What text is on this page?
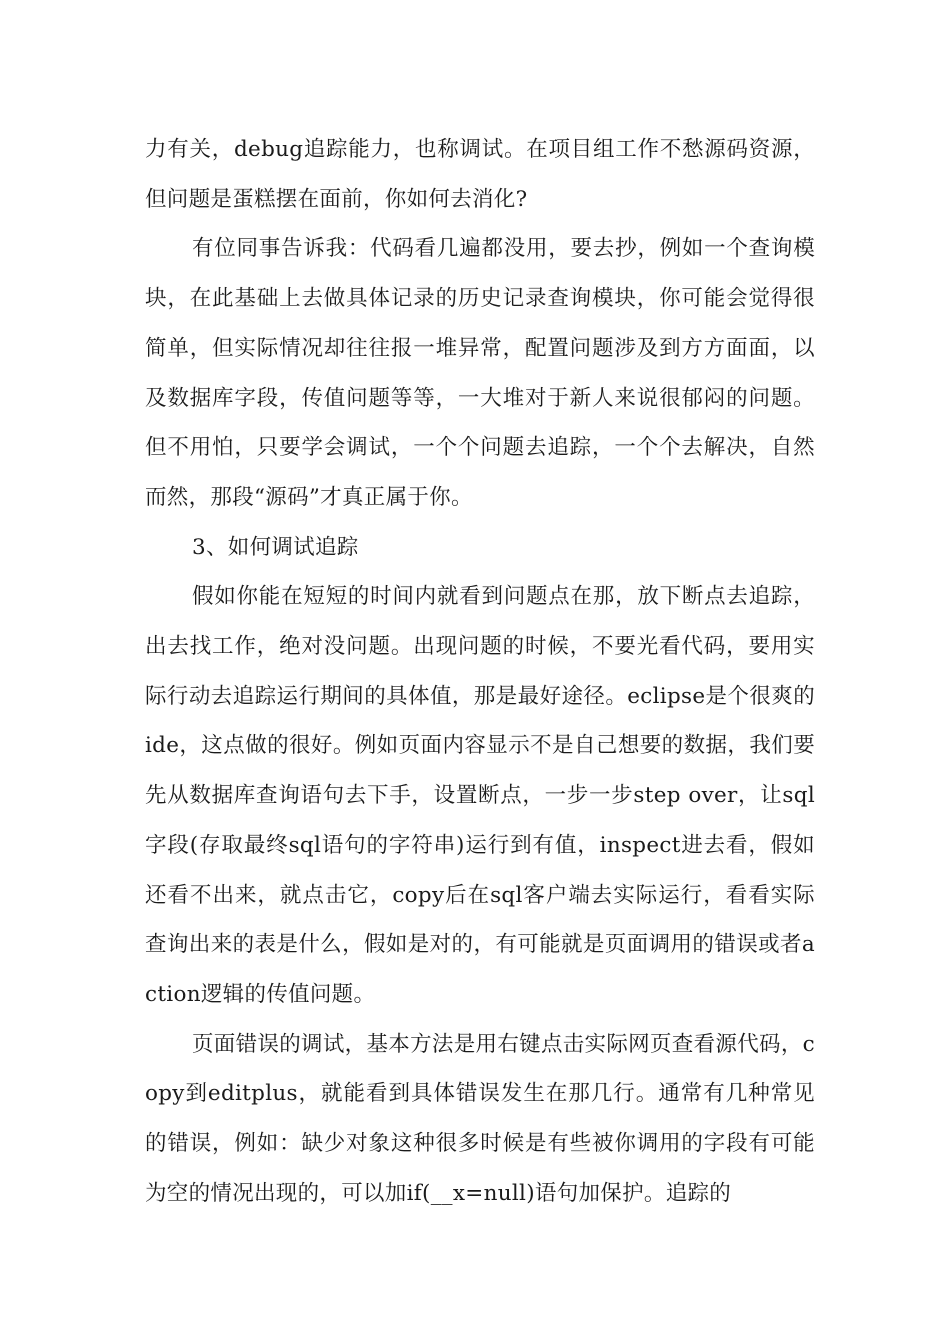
力有关，debug追踪能力，也称调试。在项目组工作不愁源码资源，但问题是蛋糕摆在面前，你如何去消化?

有位同事告诉我：代码看几遍都没用，要去抄，例如一个查询模块，在此基础上去做具体记录的历史记录查询模块，你可能会觉得很简单，但实际情况却往往报一堆异常，配置问题涉及到方方面面，以及数据库字段，传值问题等等，一大堆对于新人来说很郁闷的问题。但不用怕，只要学会调试，一个个问题去追踪，一个个去解决，自然而然，那段“源码”才真正属于你。

3、如何调试追踪

假如你能在短短的时间内就看到问题点在那，放下断点去追踪，出去找工作，绝对没问题。出现问题的时候，不要光看代码，要用实际行动去追踪运行期间的具体值，那是最好途径。eclipse是个很爽的ide，这点做的很好。例如页面内容显示不是自己想要的数据，我们要先从数据库查询语句去下手，设置断点，一步一步step over，让sql字段(存取最终sql语句的字符串)运行到有值，inspect进去看，假如还看不出来，就点击它，copy后在sql客户端去实际运行，看看实际查询出来的表是什么，假如是对的，有可能就是页面调用的错误或者action逻辑的传值问题。

页面错误的调试，基本方法是用右键点击实际网页查看源代码，copy到editplus，就能看到具体错误发生在那几行。通常有几种常见的错误，例如：缺少对象这种很多时候是有些被你调用的字段有可能为空的情况出现的，可以加if(__x=null)语句加保护。追踪的
